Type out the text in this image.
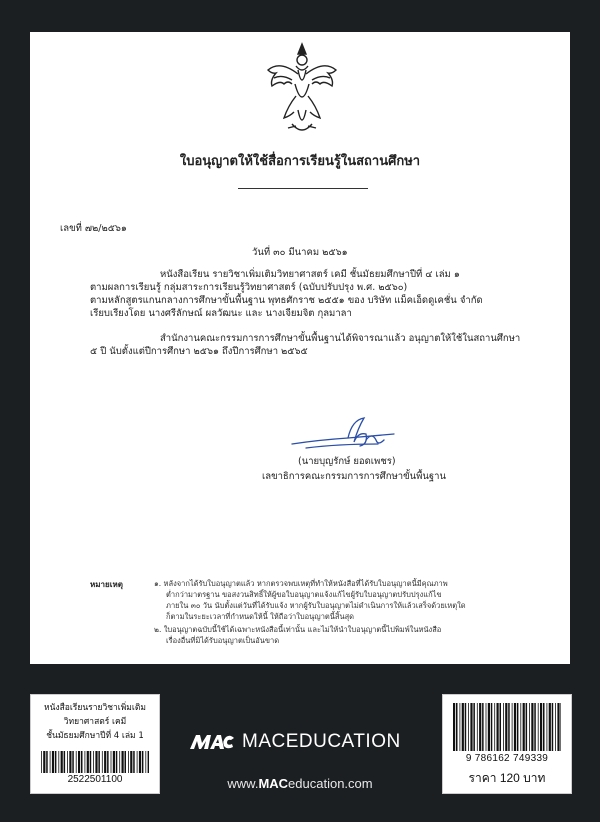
ใบอนุญาตให้ใช้สื่อการเรียนรู้ในสถานศึกษา
เลขที่ ๗๒/๒๕๖๑
วันที่ ๓๐ มีนาคม ๒๕๖๑
หนังสือเรียน รายวิชาเพิ่มเติมวิทยาศาสตร์ เคมี ชั้นมัธยมศึกษาปีที่ ๔ เล่ม ๑
ตามผลการเรียนรู้ กลุ่มสาระการเรียนรู้วิทยาศาสตร์ (ฉบับปรับปรุง พ.ศ. ๒๕๖๐)
ตามหลักสูตรแกนกลางการศึกษาขั้นพื้นฐาน พุทธศักราช ๒๕๕๑ ของ บริษัท แม็คเอ็ดดูเคชั่น จำกัด
เรียบเรียงโดย นางศรีลักษณ์ ผลวัฒนะ และ นางเจียมจิต กุลมาลา
สำนักงานคณะกรรมการการศึกษาขั้นพื้นฐานได้พิจารณาแล้ว อนุญาตให้ใช้ในสถานศึกษา
๕ ปี นับตั้งแต่ปีการศึกษา ๒๕๖๑ ถึงปีการศึกษา ๒๕๖๕
(นายบุญรักษ์ ยอดเพชร)
เลขาธิการคณะกรรมการการศึกษาขั้นพื้นฐาน
หมายเหตุ	๑. หลังจากได้รับใบอนุญาตแล้ว หากตรวจพบเหตุที่ทำให้หนังสือที่ได้รับใบอนุญาตนี้มีคุณภาพ
ต่ำกว่ามาตรฐาน ขอสงวนสิทธิ์ให้ผู้ขอใบอนุญาตแจ้งแก้ไขผู้รับใบอนุญาตปรับปรุงแก้ไข
ภายใน ๓๐ วัน นับตั้งแต่วันที่ได้รับแจ้ง หากผู้รับใบอนุญาตไม่ดำเนินการให้แล้วเสร็จด้วยเหตุใด
ก็ตามในระยะเวลาที่กำหนดให้นี้ ให้ถือว่าใบอนุญาตนี้สิ้นสุด
๒. ใบอนุญาตฉบับนี้ใช้ได้เฉพาะหนังสือนี้เท่านั้น และไม่ให้นำใบอนุญาตนี้ไปพิมพ์ในหนังสือ
เรื่องอื่นที่มิได้รับอนุญาตเป็นอันขาด
หนังสือเรียนรายวิชาเพิ่มเติม
วิทยาศาสตร์ เคมี
ชั้นมัธยมศึกษาปีที่ 4 เล่ม 1
2522501100
MACEDUCATION
www.MACeducation.com
9 786162 749339
ราคา 120 บาท
